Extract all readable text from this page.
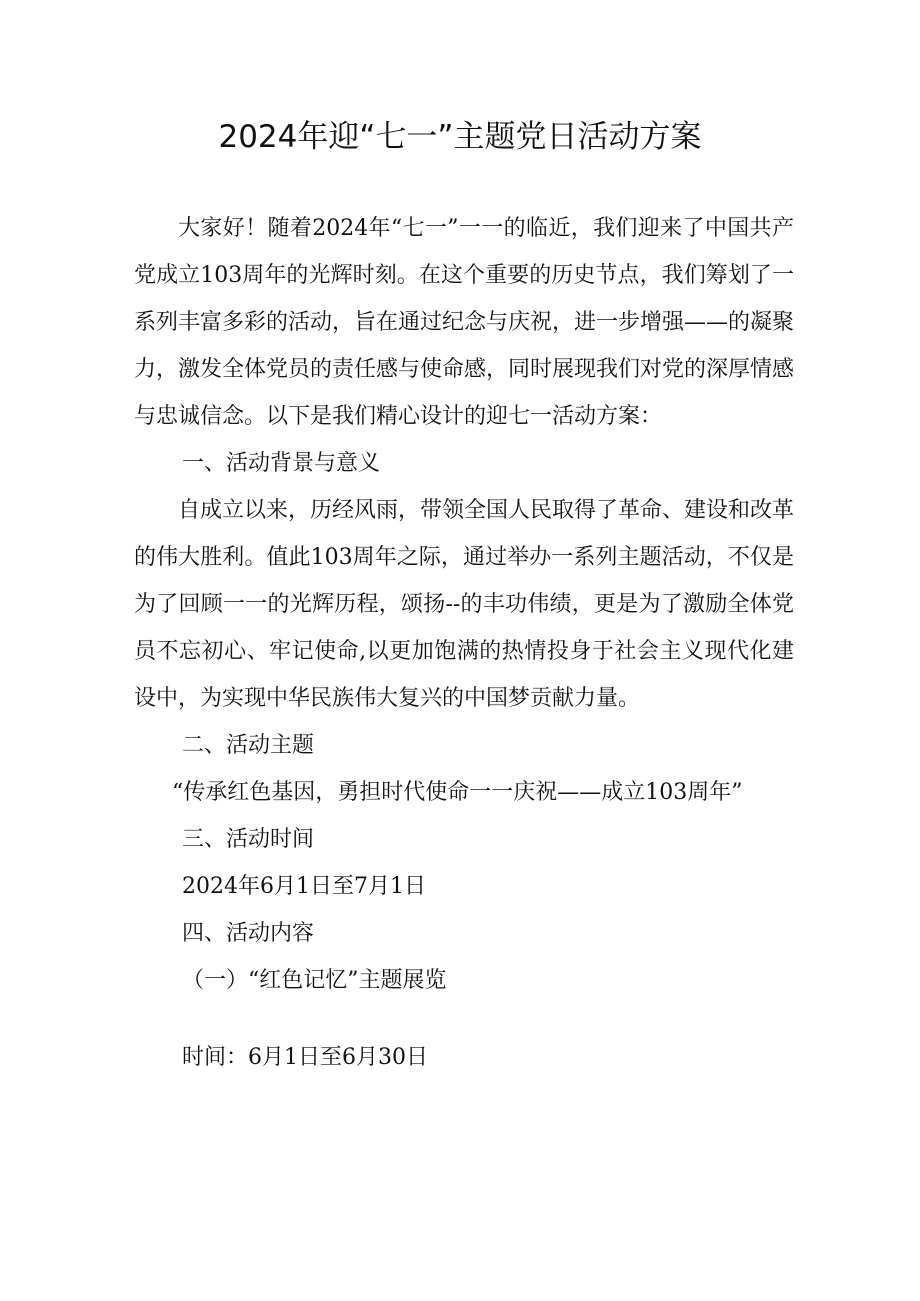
2024年迎“七一”主题党日活动方案

大家好！随着2024年“七一”一一的临近，我们迎来了中国共产党成立103周年的光辉时刻。在这个重要的历史节点，我们筹划了一系列丰富多彩的活动，旨在通过纪念与庆祝，进一步增强——的凝聚力，激发全体党员的责任感与使命感，同时展现我们对党的深厚情感与忠诚信念。以下是我们精心设计的迎七一活动方案：

一、活动背景与意义

自成立以来，历经风雨，带领全国人民取得了革命、建设和改革的伟大胜利。值此103周年之际，通过举办一系列主题活动，不仅是为了回顾一一的光辉历程，颂扬--的丰功伟绩，更是为了激励全体党员不忘初心、牢记使命,以更加饱满的热情投身于社会主义现代化建设中，为实现中华民族伟大复兴的中国梦贡献力量。

二、活动主题

“传承红色基因，勇担时代使命一一庆祝——成立103周年”

三、活动时间

2024年6月1日至7月1日

四、活动内容

（一）“红色记忆”主题展览

时间：6月1日至6月30日
